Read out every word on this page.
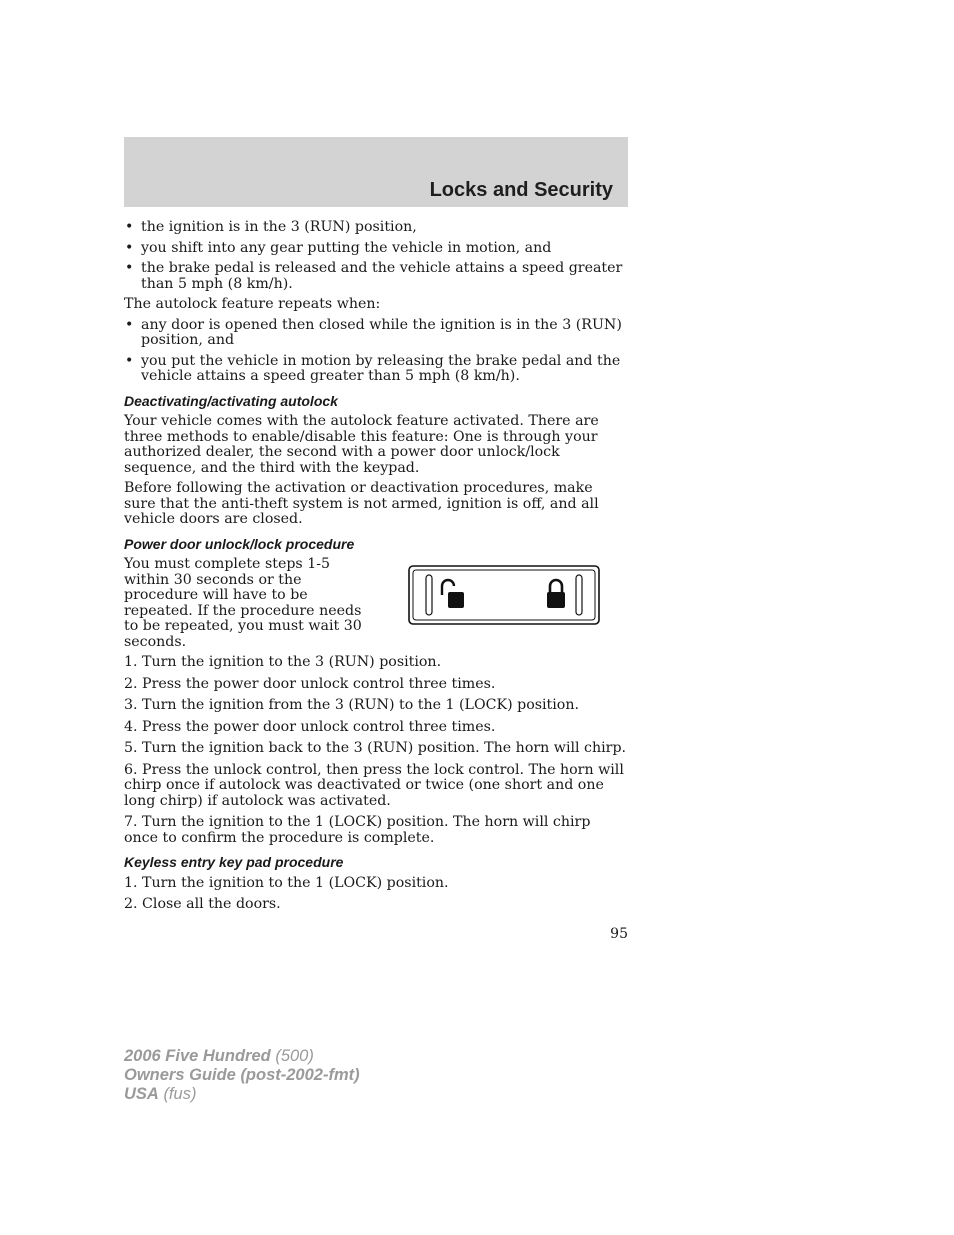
Locks and Security
• the ignition is in the 3 (RUN) position,
• you shift into any gear putting the vehicle in motion, and
• the brake pedal is released and the vehicle attains a speed greater than 5 mph (8 km/h).

The autolock feature repeats when:

• any door is opened then closed while the ignition is in the 3 (RUN) position, and
• you put the vehicle in motion by releasing the brake pedal and the vehicle attains a speed greater than 5 mph (8 km/h).
Deactivating/activating autolock

Your vehicle comes with the autolock feature activated. There are three methods to enable/disable this feature: One is through your authorized dealer, the second with a power door unlock/lock sequence, and the third with the keypad.

Before following the activation or deactivation procedures, make sure that the anti-theft system is not armed, ignition is off, and all vehicle doors are closed.

Power door unlock/lock procedure

You must complete steps 1-5 within 30 seconds or the procedure will have to be repeated. If the procedure needs to be repeated, you must wait 30 seconds.

1. Turn the ignition to the 3 (RUN) position.

2. Press the power door unlock control three times.

3. Turn the ignition from the 3 (RUN) to the 1 (LOCK) position.

4. Press the power door unlock control three times.

5. Turn the ignition back to the 3 (RUN) position. The horn will chirp.

6. Press the unlock control, then press the lock control. The horn will chirp once if autolock was deactivated or twice (one short and one long chirp) if autolock was activated.

7. Turn the ignition to the 1 (LOCK) position. The horn will chirp once to confirm the procedure is complete.

Keyless entry key pad procedure

1. Turn the ignition to the 1 (LOCK) position.

2. Close all the doors.

95
2006 Five Hundred (500)
Owners Guide (post-2002-fmt)
USA (fus)
